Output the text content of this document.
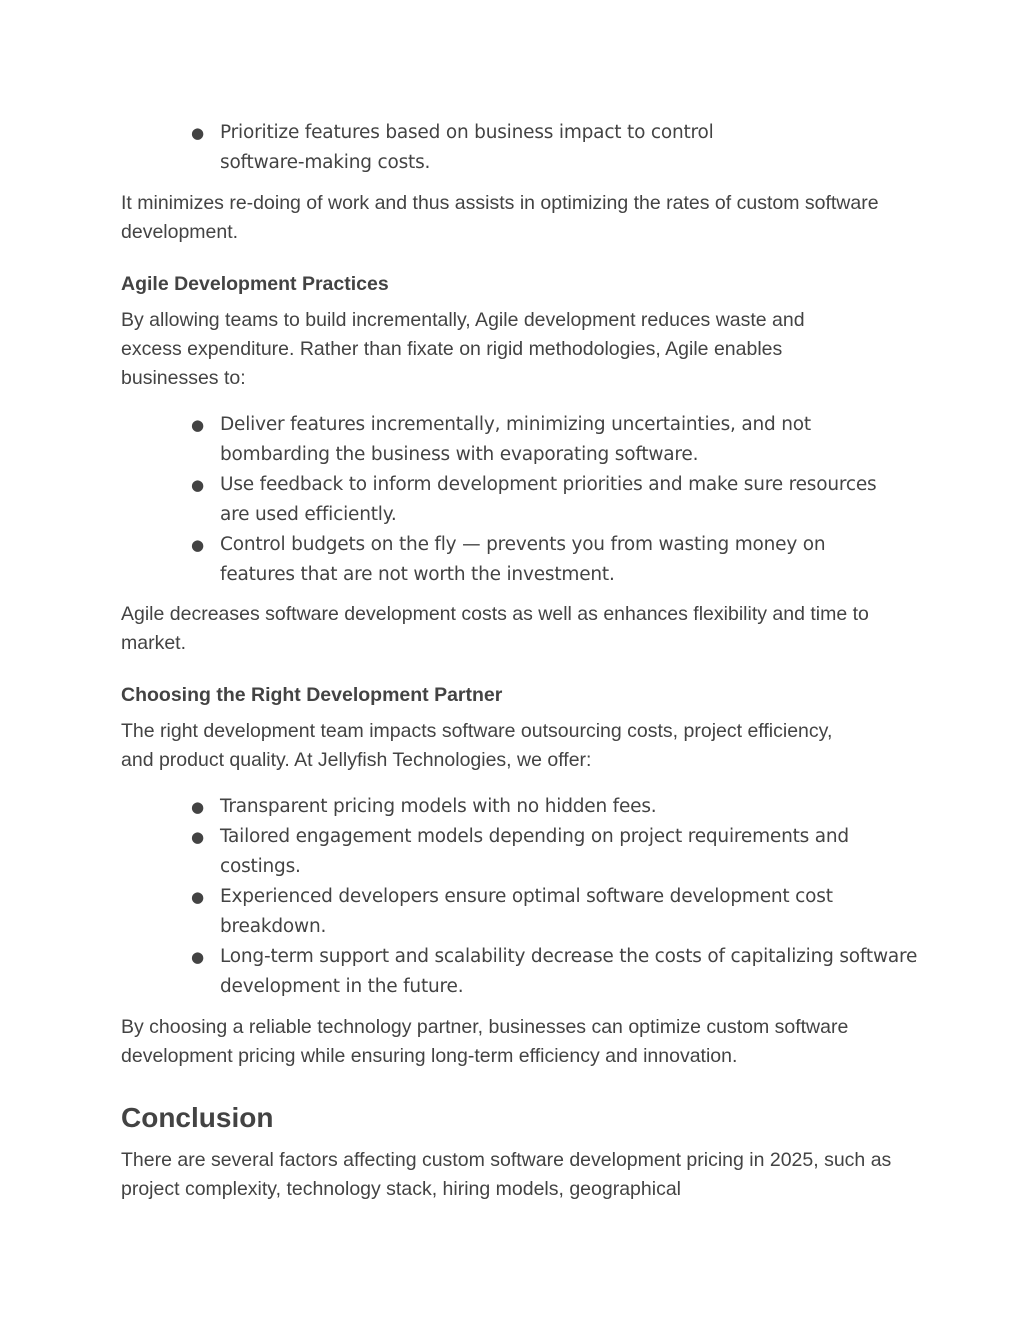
● Prioritize features based on business impact to control software-making costs.

It minimizes re-doing of work and thus assists in optimizing the rates of custom software development.

Agile Development Practices

By allowing teams to build incrementally, Agile development reduces waste and excess expenditure. Rather than fixate on rigid methodologies, Agile enables businesses to:

● Deliver features incrementally, minimizing uncertainties, and not bombarding the business with evaporating software.
● Use feedback to inform development priorities and make sure resources are used efficiently.
● Control budgets on the fly — prevents you from wasting money on features that are not worth the investment.

Agile decreases software development costs as well as enhances flexibility and time to market.

Choosing the Right Development Partner

The right development team impacts software outsourcing costs, project efficiency, and product quality. At Jellyfish Technologies, we offer:

● Transparent pricing models with no hidden fees.
● Tailored engagement models depending on project requirements and costings.
● Experienced developers ensure optimal software development cost breakdown.
● Long-term support and scalability decrease the costs of capitalizing software development in the future.

By choosing a reliable technology partner, businesses can optimize custom software development pricing while ensuring long-term efficiency and innovation.

Conclusion

There are several factors affecting custom software development pricing in 2025, such as project complexity, technology stack, hiring models, geographical
